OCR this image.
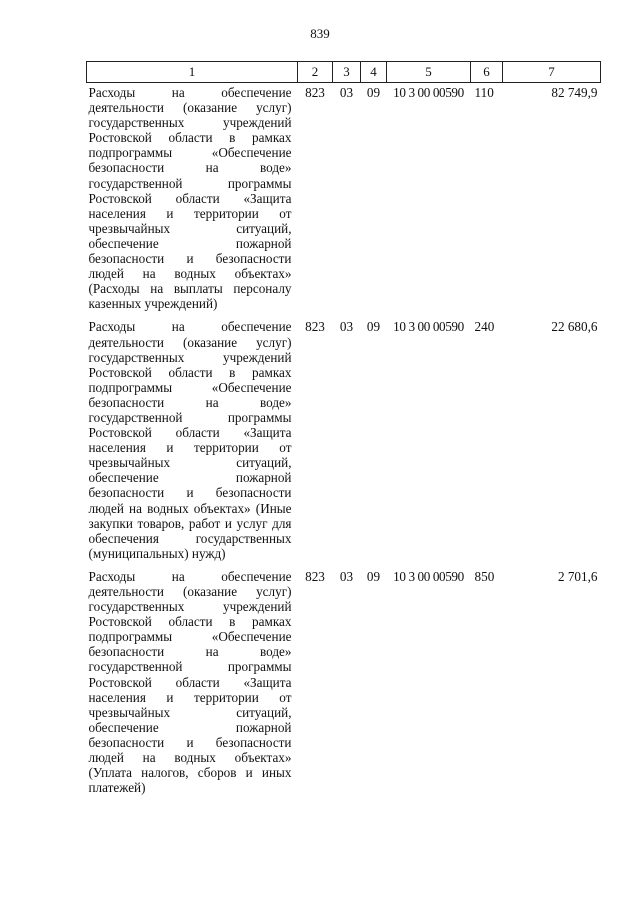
839
1	2	3	4	5	6	7
Расходы на обеспечение деятельности (оказание услуг) государственных учреждений Ростовской области в рамках подпрограммы «Обеспечение безопасности на воде» государственной программы Ростовской области «Защита населения и территории от чрезвычайных ситуаций, обеспечение пожарной безопасности и безопасности людей на водных объектах» (Расходы на выплаты персоналу казенных учреждений)	823	03	09	10 3 00 00590	110	82 749,9
Расходы на обеспечение деятельности (оказание услуг) государственных учреждений Ростовской области в рамках подпрограммы «Обеспечение безопасности на воде» государственной программы Ростовской области «Защита населения и территории от чрезвычайных ситуаций, обеспечение пожарной безопасности и безопасности людей на водных объектах» (Иные закупки товаров, работ и услуг для обеспечения государственных (муниципальных) нужд)	823	03	09	10 3 00 00590	240	22 680,6
Расходы на обеспечение деятельности (оказание услуг) государственных учреждений Ростовской области в рамках подпрограммы «Обеспечение безопасности на воде» государственной программы Ростовской области «Защита населения и территории от чрезвычайных ситуаций, обеспечение пожарной безопасности и безопасности людей на водных объектах» (Уплата налогов, сборов и иных платежей)	823	03	09	10 3 00 00590	850	2 701,6
